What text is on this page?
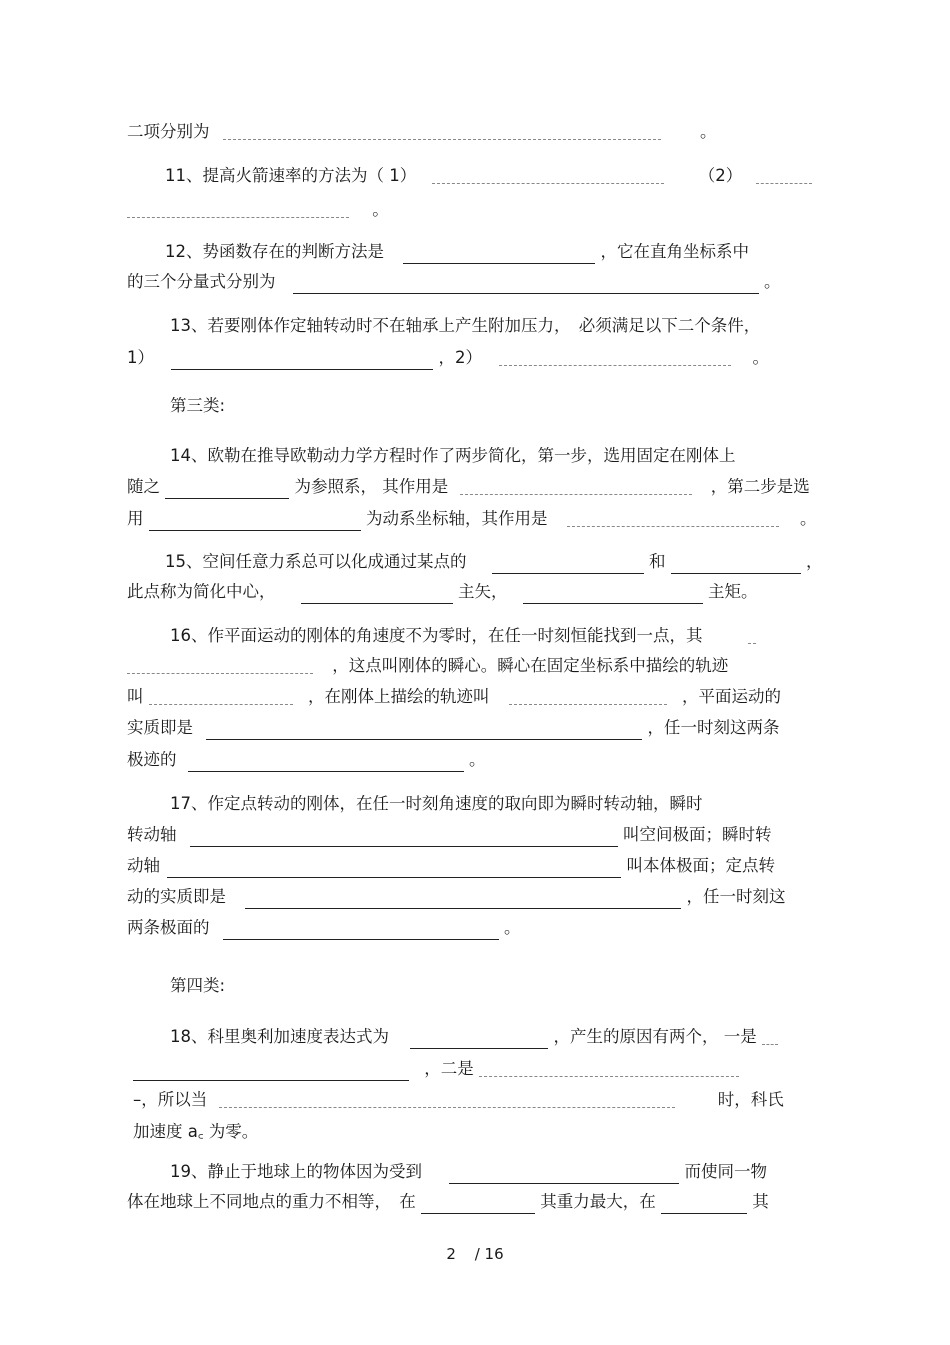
二项分别为	。
11、提高火箭速率的方法为（ 1）	（2）
。
12、势函数存在的判断方法是	，它在直角坐标系中
的三个分量式分别为	。
13、若要刚体作定轴转动时不在轴承上产生附加压力，　必须满足以下二个条件，
1）	，2）	。
第三类:
14、欧勒在推导欧勒动力学方程时作了两步简化，第一步，选用固定在刚体上
随之	为参照系， 其作用是	，第二步是选
用	为动系坐标轴，其作用是	。
15、空间任意力系总可以化成通过某点的	和	，
此点称为简化中心，	主矢，	主矩。
16、作平面运动的刚体的角速度不为零时，在任一时刻恒能找到一点，其
，这点叫刚体的瞬心。瞬心在固定坐标系中描绘的轨迹
叫	，在刚体上描绘的轨迹叫	，平面运动的
实质即是	，任一时刻这两条
极迹的	。
17、作定点转动的刚体，在任一时刻角速度的取向即为瞬时转动轴，瞬时
转动轴	叫空间极面；瞬时转
动轴	叫本体极面；定点转
动的实质即是	，任一时刻这
两条极面的	。
第四类:
18、科里奥利加速度表达式为	，产生的原因有两个， 一是
，二是
–，所以当	时，科氏
加速度 a꜀ 为零。
19、静止于地球上的物体因为受到	而使同一物
体在地球上不同地点的重力不相等，　在	其重力最大，在	其
2 / 16
